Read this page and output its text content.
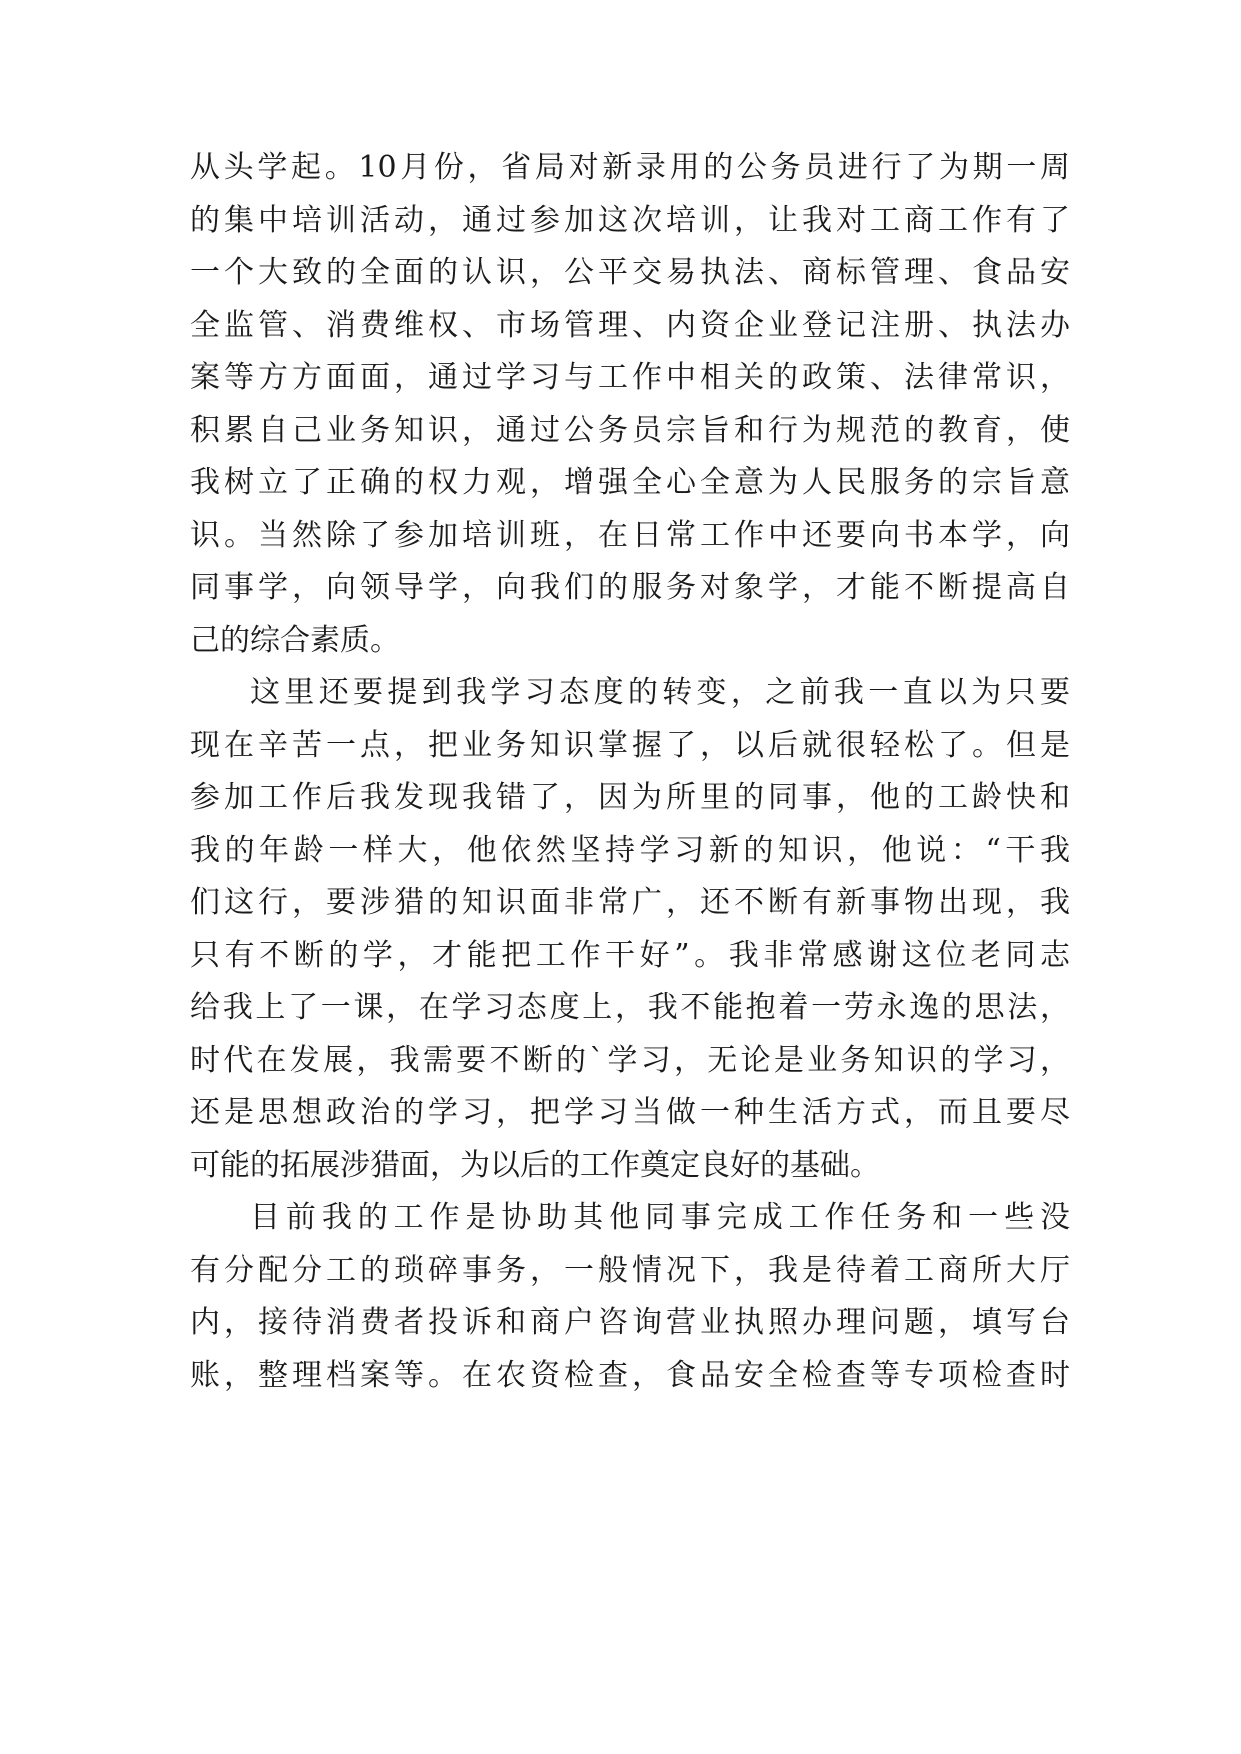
从头学起。10月份，省局对新录用的公务员进行了为期一周
的集中培训活动，通过参加这次培训，让我对工商工作有了
一个大致的全面的认识，公平交易执法、商标管理、食品安
全监管、消费维权、市场管理、内资企业登记注册、执法办
案等方方面面，通过学习与工作中相关的政策、法律常识，
积累自己业务知识，通过公务员宗旨和行为规范的教育，使
我树立了正确的权力观，增强全心全意为人民服务的宗旨意
识。当然除了参加培训班，在日常工作中还要向书本学，向
同事学，向领导学，向我们的服务对象学，才能不断提高自
己的综合素质。
这里还要提到我学习态度的转变，之前我一直以为只要
现在辛苦一点，把业务知识掌握了，以后就很轻松了。但是
参加工作后我发现我错了，因为所里的同事，他的工龄快和
我的年龄一样大，他依然坚持学习新的知识，他说：“干我
们这行，要涉猎的知识面非常广，还不断有新事物出现，我
只有不断的学，才能把工作干好”。我非常感谢这位老同志
给我上了一课，在学习态度上，我不能抱着一劳永逸的思法，
时代在发展，我需要不断的`学习，无论是业务知识的学习，
还是思想政治的学习，把学习当做一种生活方式，而且要尽
可能的拓展涉猎面，为以后的工作奠定良好的基础。
目前我的工作是协助其他同事完成工作任务和一些没
有分配分工的琐碎事务，一般情况下，我是待着工商所大厅
内，接待消费者投诉和商户咨询营业执照办理问题，填写台
账，整理档案等。在农资检查，食品安全检查等专项检查时
